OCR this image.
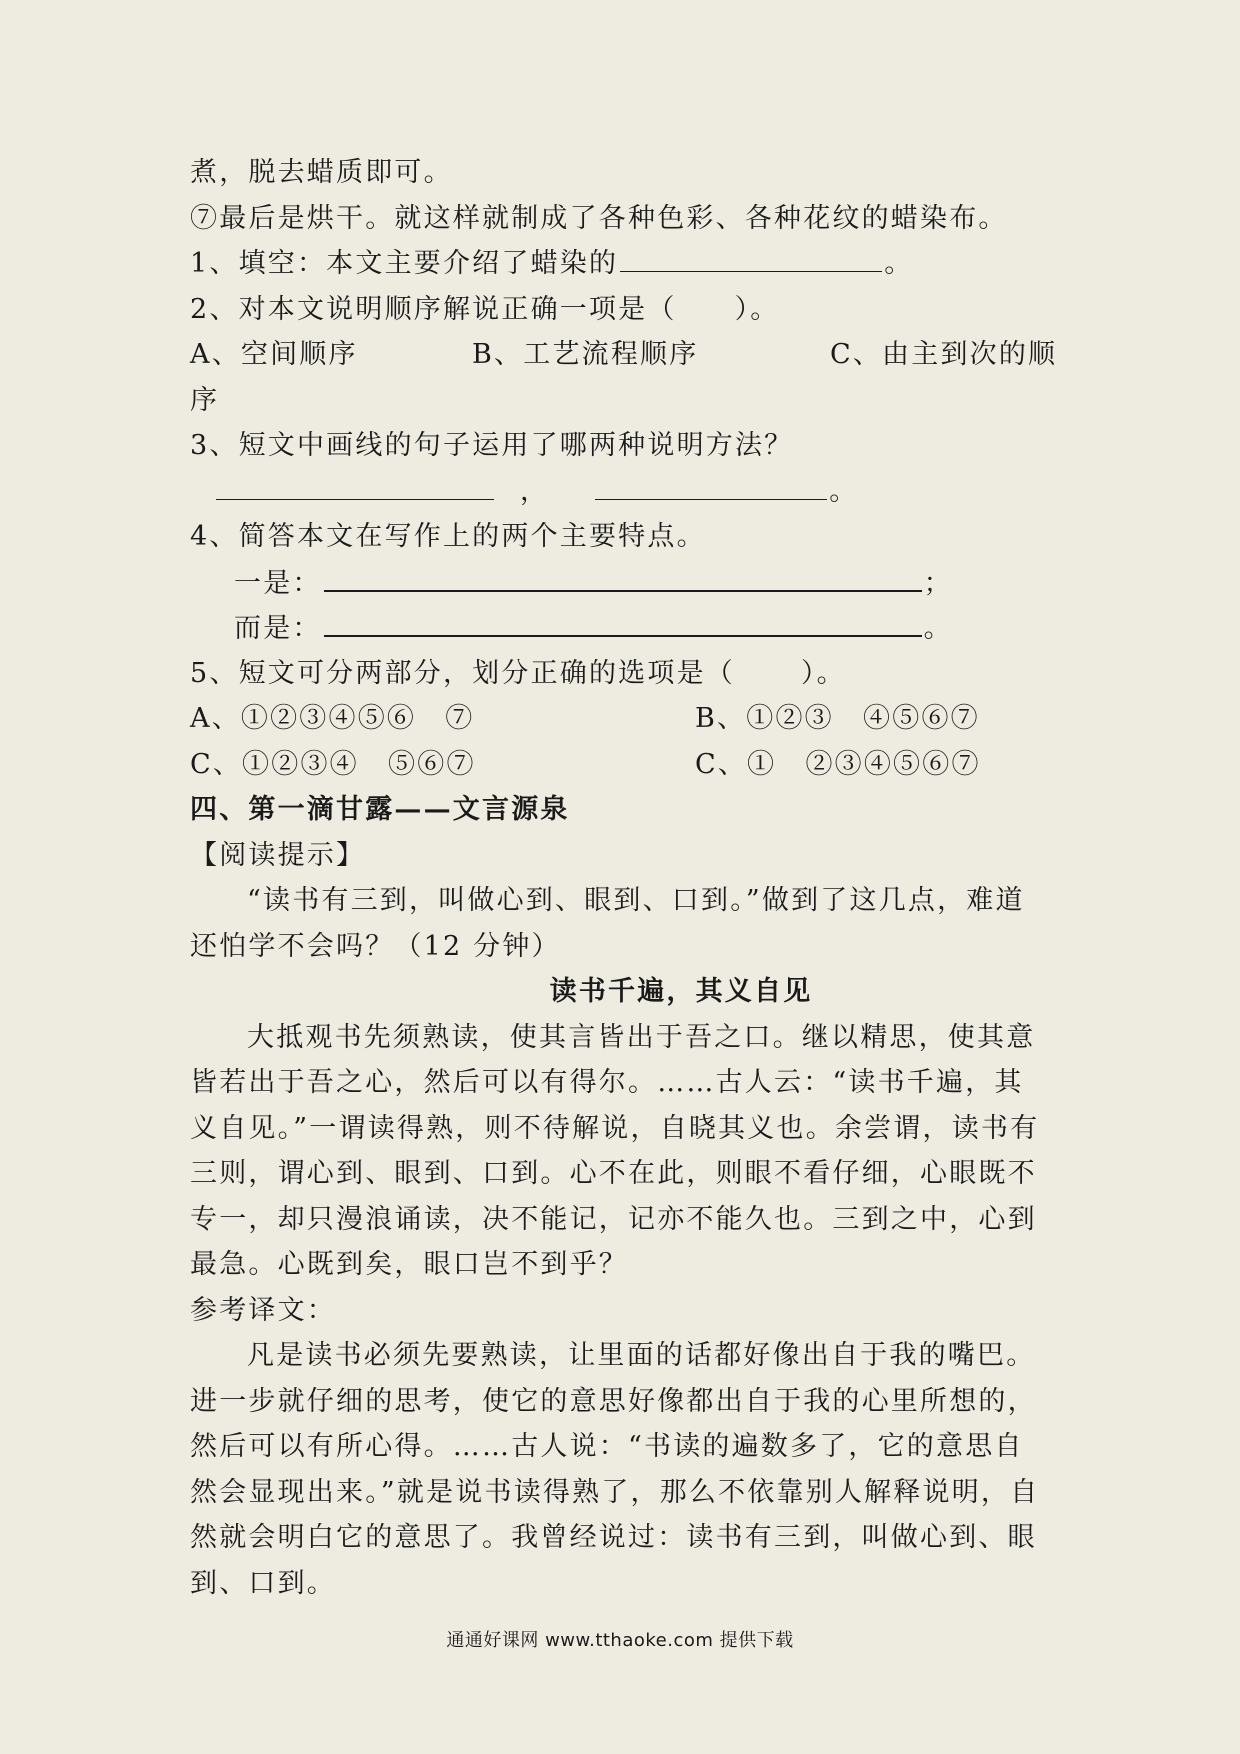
煮，脱去蜡质即可。
⑦最后是烘干。就这样就制成了各种色彩、各种花纹的蜡染布。
1、填空：本文主要介绍了蜡染的	。
2、对本文说明顺序解说正确一项是（ ）。
A、空间顺序	B、工艺流程顺序	C、由主到次的顺
序
3、短文中画线的句子运用了哪两种说明方法？
，	。
4、简答本文在写作上的两个主要特点。
一是：	；
而是：	。
5、短文可分两部分，划分正确的选项是（ ）。
A、①②③④⑤⑥　⑦	B、①②③　④⑤⑥⑦
C、①②③④　⑤⑥⑦	C、①　②③④⑤⑥⑦
四、第一滴甘露——文言源泉
【阅读提示】
“读书有三到，叫做心到、眼到、口到。”做到了这几点，难道还怕学不会吗？（12 分钟）
读书千遍，其义自见
大抵观书先须熟读，使其言皆出于吾之口。继以精思，使其意皆若出于吾之心，然后可以有得尔。……古人云：“读书千遍，其义自见。”一谓读得熟，则不待解说，自晓其义也。余尝谓，读书有三则，谓心到、眼到、口到。心不在此，则眼不看仔细，心眼既不专一，却只漫浪诵读，决不能记，记亦不能久也。三到之中，心到最急。心既到矣，眼口岂不到乎？
参考译文：
凡是读书必须先要熟读，让里面的话都好像出自于我的嘴巴。进一步就仔细的思考，使它的意思好像都出自于我的心里所想的，然后可以有所心得。……古人说：“书读的遍数多了，它的意思自然会显现出来。”就是说书读得熟了，那么不依靠别人解释说明，自然就会明白它的意思了。我曾经说过：读书有三到，叫做心到、眼到、口到。
通通好课网 www.tthaoke.com 提供下载
